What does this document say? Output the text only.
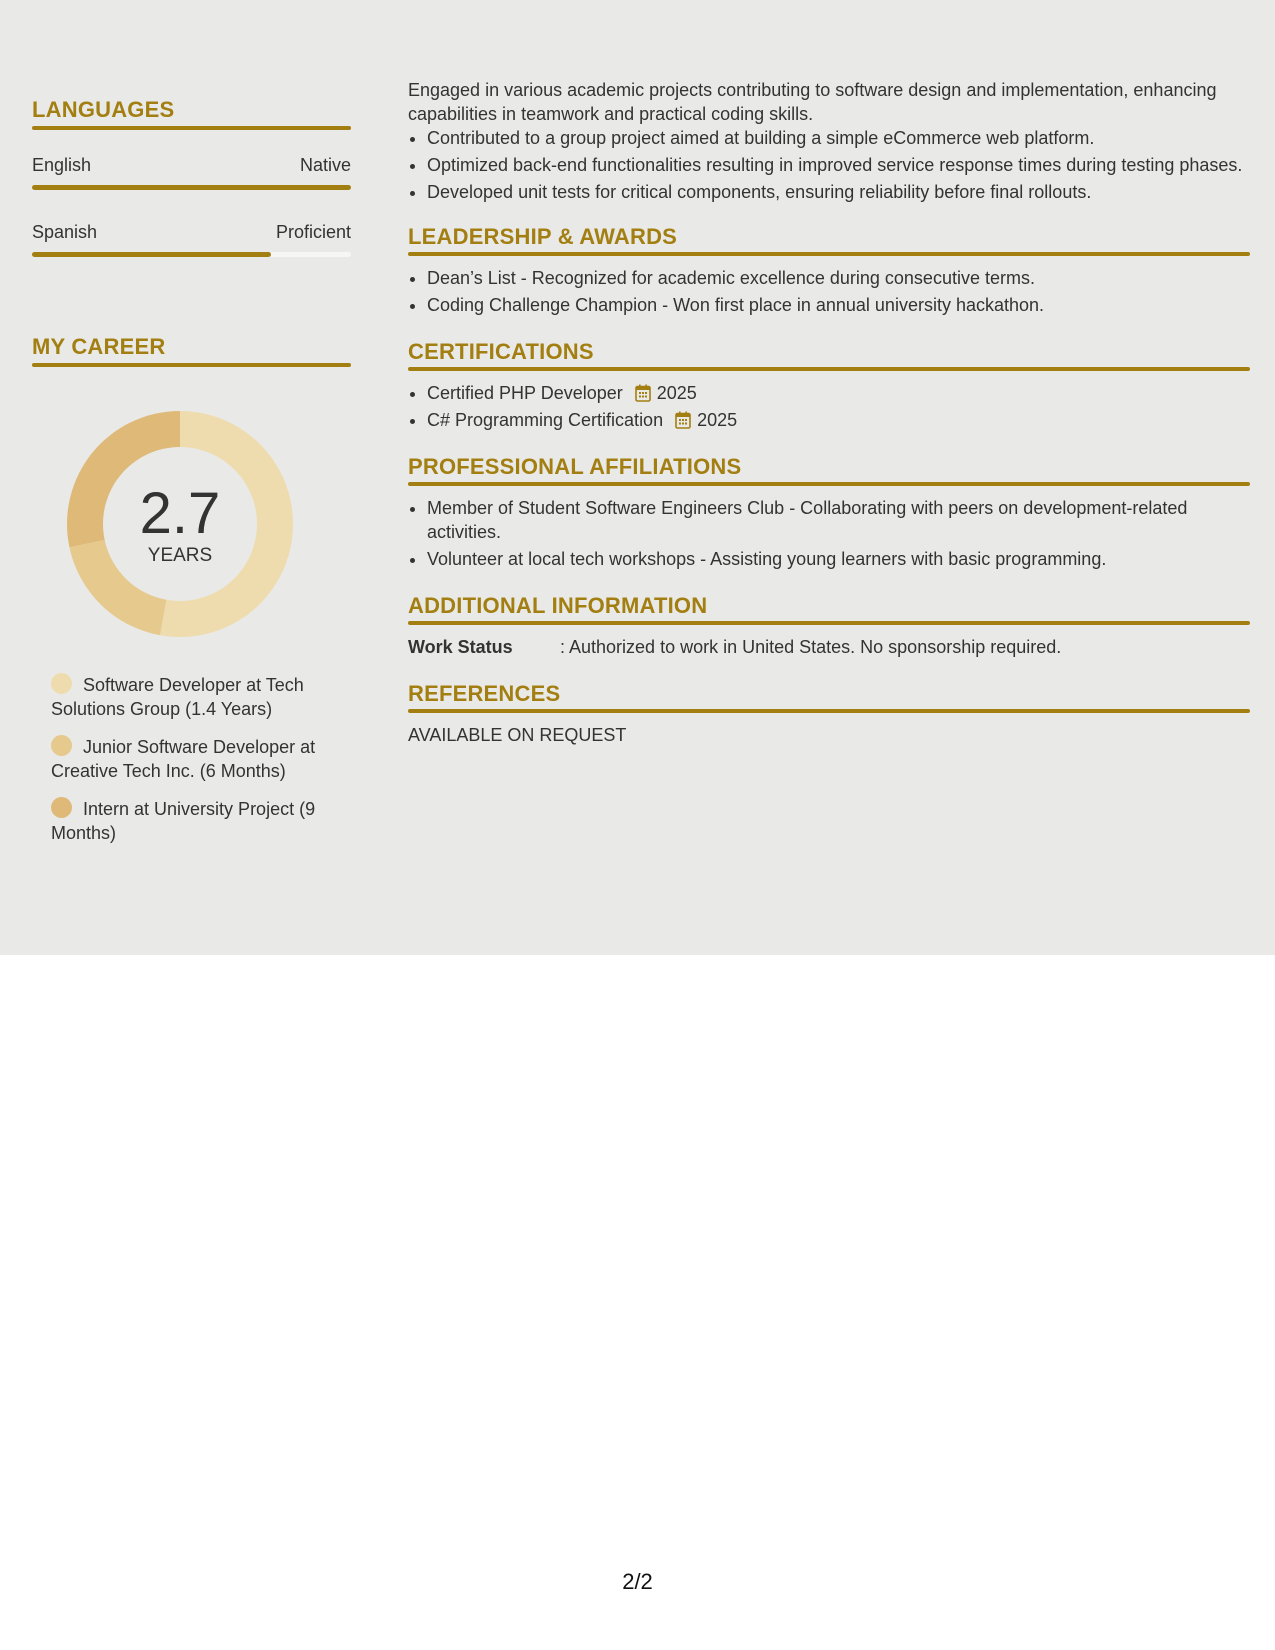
LANGUAGES
English	Native
Spanish	Proficient
MY CAREER
2.7
YEARS
Software Developer at Tech Solutions Group (1.4 Years)
Junior Software Developer at Creative Tech Inc. (6 Months)
Intern at University Project (9 Months)

Engaged in various academic projects contributing to software design and implementation, enhancing capabilities in teamwork and practical coding skills.

• Contributed to a group project aimed at building a simple eCommerce web platform.
• Optimized back-end functionalities resulting in improved service response times during testing phases.
• Developed unit tests for critical components, ensuring reliability before final rollouts.
LEADERSHIP & AWARDS
• Dean’s List - Recognized for academic excellence during consecutive terms.
• Coding Challenge Champion - Won first place in annual university hackathon.
CERTIFICATIONS
• Certified PHP Developer 2025
• C# Programming Certification 2025
PROFESSIONAL AFFILIATIONS
• Member of Student Software Engineers Club - Collaborating with peers on development-related activities.
• Volunteer at local tech workshops - Assisting young learners with basic programming.
ADDITIONAL INFORMATION
Work Status	: Authorized to work in United States. No sponsorship required.
REFERENCES

AVAILABLE ON REQUEST

2/2
